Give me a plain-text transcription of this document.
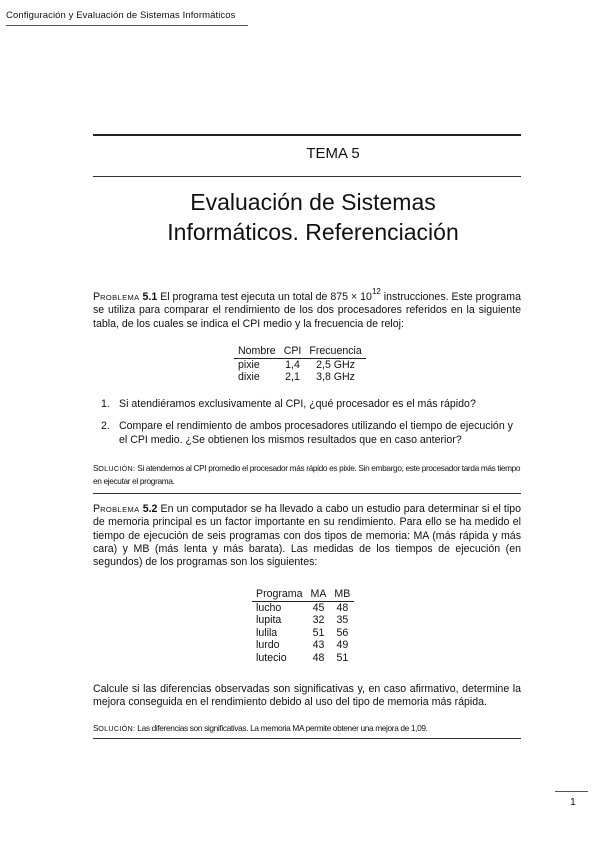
Configuración y Evaluación de Sistemas Informáticos
TEMA 5
Evaluación de Sistemas
Informáticos. Referenciación

PROBLEMA 5.1 El programa test ejecuta un total de $875 \times 10^{12}$ instrucciones. Este programa se utiliza para comparar el rendimiento de los dos procesadores referidos en la siguiente tabla, de los cuales se indica el CPI medio y la frecuencia de reloj:

Nombre	CPI	Frecuencia
pixie	1,4	2,5 GHz
dixie	2,1	3,8 GHz
1. Si atendiéramos exclusivamente al CPI, ¿qué procesador es el más rápido?
2. Compare el rendimiento de ambos procesadores utilizando el tiempo de ejecución y el CPI medio. ¿Se obtienen los mismos resultados que en caso anterior?
SOLUCIÓN: Si atendemos al CPI promedio el procesador más rápido es pixie. Sin embargo, este procesador tarda más tiempo en ejecutar el programa.

PROBLEMA 5.2 En un computador se ha llevado a cabo un estudio para determinar si el tipo de memoria principal es un factor importante en su rendimiento. Para ello se ha medido el tiempo de ejecución de seis programas con dos tipos de memoria: MA (más rápida y más cara) y MB (más lenta y más barata). Las medidas de los tiempos de ejecución (en segundos) de los programas son los siguientes:

Programa	MA	MB
lucho	45	48
lupita	32	35
lulila	51	56
lurdo	43	49
lutecio	48	51

Calcule si las diferencias observadas son significativas y, en caso afirmativo, determine la mejora conseguida en el rendimiento debido al uso del tipo de memoria más rápida.

SOLUCIÓN: Las diferencias son significativas. La memoria MA permite obtener una mejora de 1,09.
1
